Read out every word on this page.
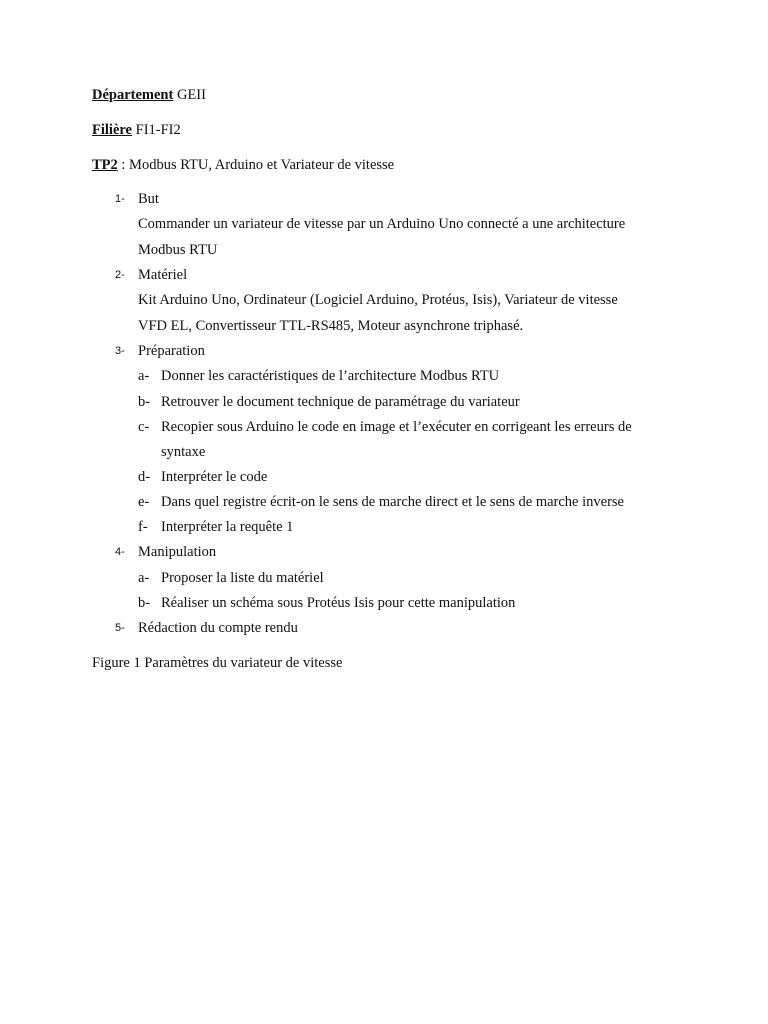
Département GEII
Filière FI1-FI2
TP2 : Modbus RTU, Arduino et Variateur de vitesse
1- But
Commander un variateur de vitesse par un Arduino Uno connecté a une architecture
Modbus RTU
2- Matériel
Kit Arduino Uno, Ordinateur (Logiciel Arduino, Protéus, Isis), Variateur de vitesse
VFD EL, Convertisseur TTL-RS485, Moteur asynchrone triphasé.
3- Préparation
a- Donner les caractéristiques de l’architecture Modbus RTU
b- Retrouver le document technique de paramétrage du variateur
c- Recopier sous Arduino le code en image et l’exécuter en corrigeant les erreurs de
syntaxe
d- Interpréter le code
e- Dans quel registre écrit-on le sens de marche direct et le sens de marche inverse
f- Interpréter la requête 1
4- Manipulation
a- Proposer la liste du matériel
b- Réaliser un schéma sous Protéus Isis pour cette manipulation
5- Rédaction du compte rendu
Figure 1 Paramètres du variateur de vitesse
